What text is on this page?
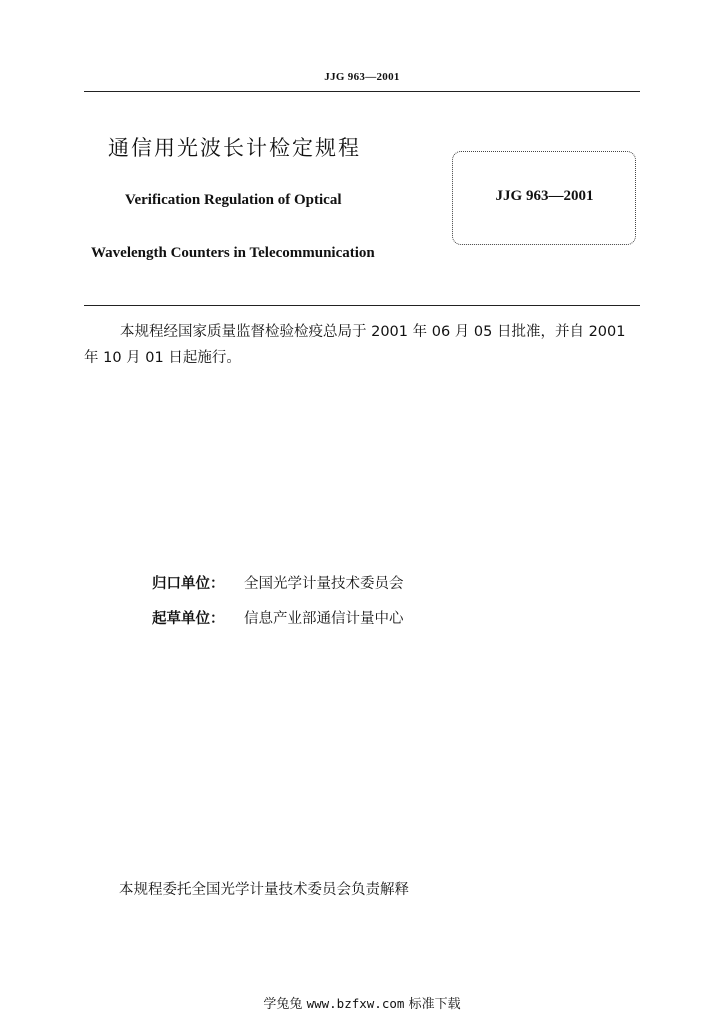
JJG 963—2001
通信用光波长计检定规程
Verification Regulation of Optical
Wavelength Counters in Telecommunication
JJG 963—2001
本规程经国家质量监督检验检疫总局于 2001 年 06 月 05 日批准，并自 2001 年 10 月 01 日起施行。
归口单位： 全国光学计量技术委员会
起草单位： 信息产业部通信计量中心
本规程委托全国光学计量技术委员会负责解释
学兔兔 www.bzfxw.com 标准下载
